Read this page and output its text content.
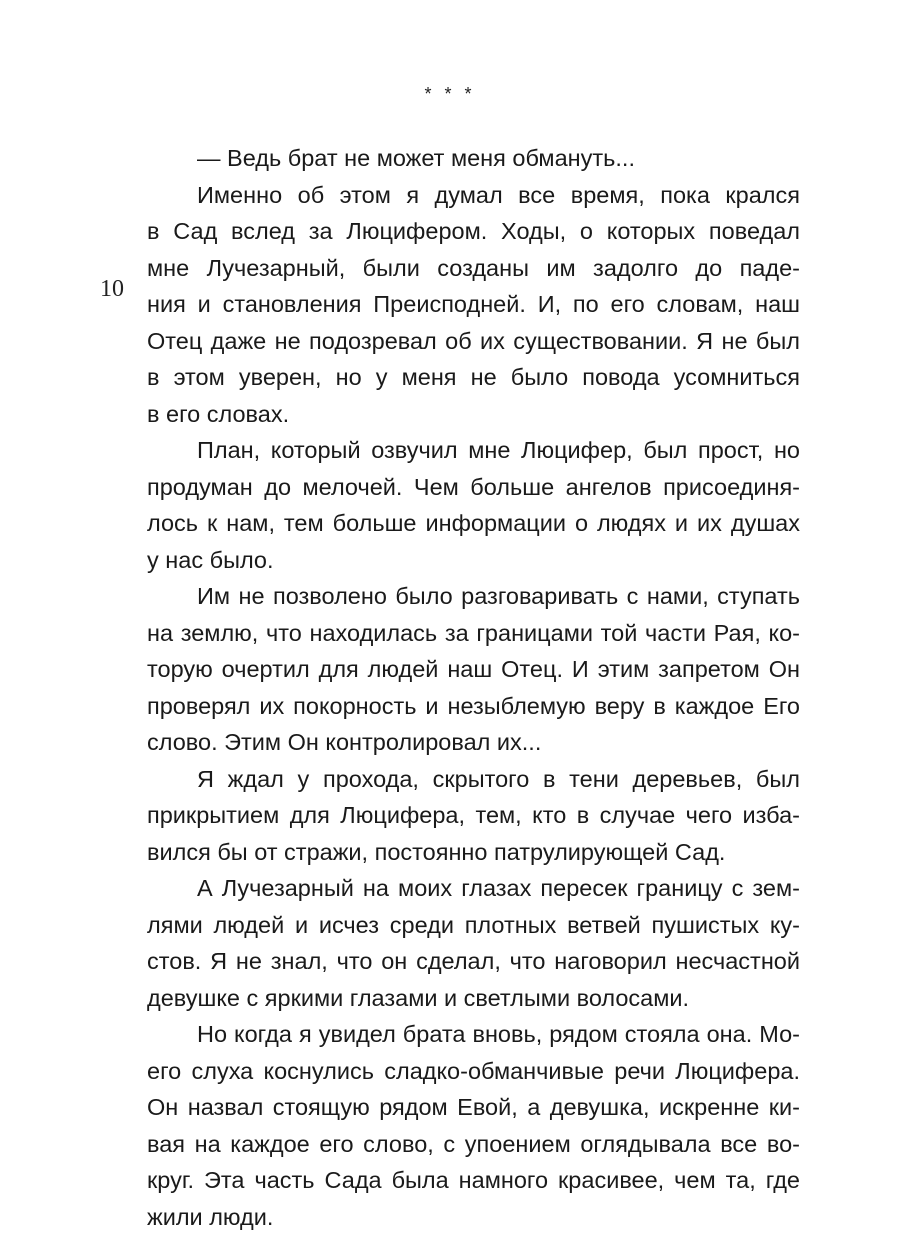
* * *
10
— Ведь брат не может меня обмануть...
Именно об этом я думал все время, пока крался
в Сад вслед за Люцифером. Ходы, о которых поведал
мне Лучезарный, были созданы им задолго до паде-
ния и становления Преисподней. И, по его словам, наш
Отец даже не подозревал об их существовании. Я не был
в этом уверен, но у меня не было повода усомниться
в его словах.
План, который озвучил мне Люцифер, был прост, но
продуман до мелочей. Чем больше ангелов присоединя-
лось к нам, тем больше информации о людях и их душах
у нас было.
Им не позволено было разговаривать с нами, ступать
на землю, что находилась за границами той части Рая, ко-
торую очертил для людей наш Отец. И этим запретом Он
проверял их покорность и незыблемую веру в каждое Его
слово. Этим Он контролировал их...
Я ждал у прохода, скрытого в тени деревьев, был
прикрытием для Люцифера, тем, кто в случае чего изба-
вился бы от стражи, постоянно патрулирующей Сад.
А Лучезарный на моих глазах пересек границу с зем-
лями людей и исчез среди плотных ветвей пушистых ку-
стов. Я не знал, что он сделал, что наговорил несчастной
девушке с яркими глазами и светлыми волосами.
Но когда я увидел брата вновь, рядом стояла она. Мо-
его слуха коснулись сладко-обманчивые речи Люцифера.
Он назвал стоящую рядом Евой, а девушка, искренне ки-
вая на каждое его слово, с упоением оглядывала все во-
круг. Эта часть Сада была намного красивее, чем та, где
жили люди.
